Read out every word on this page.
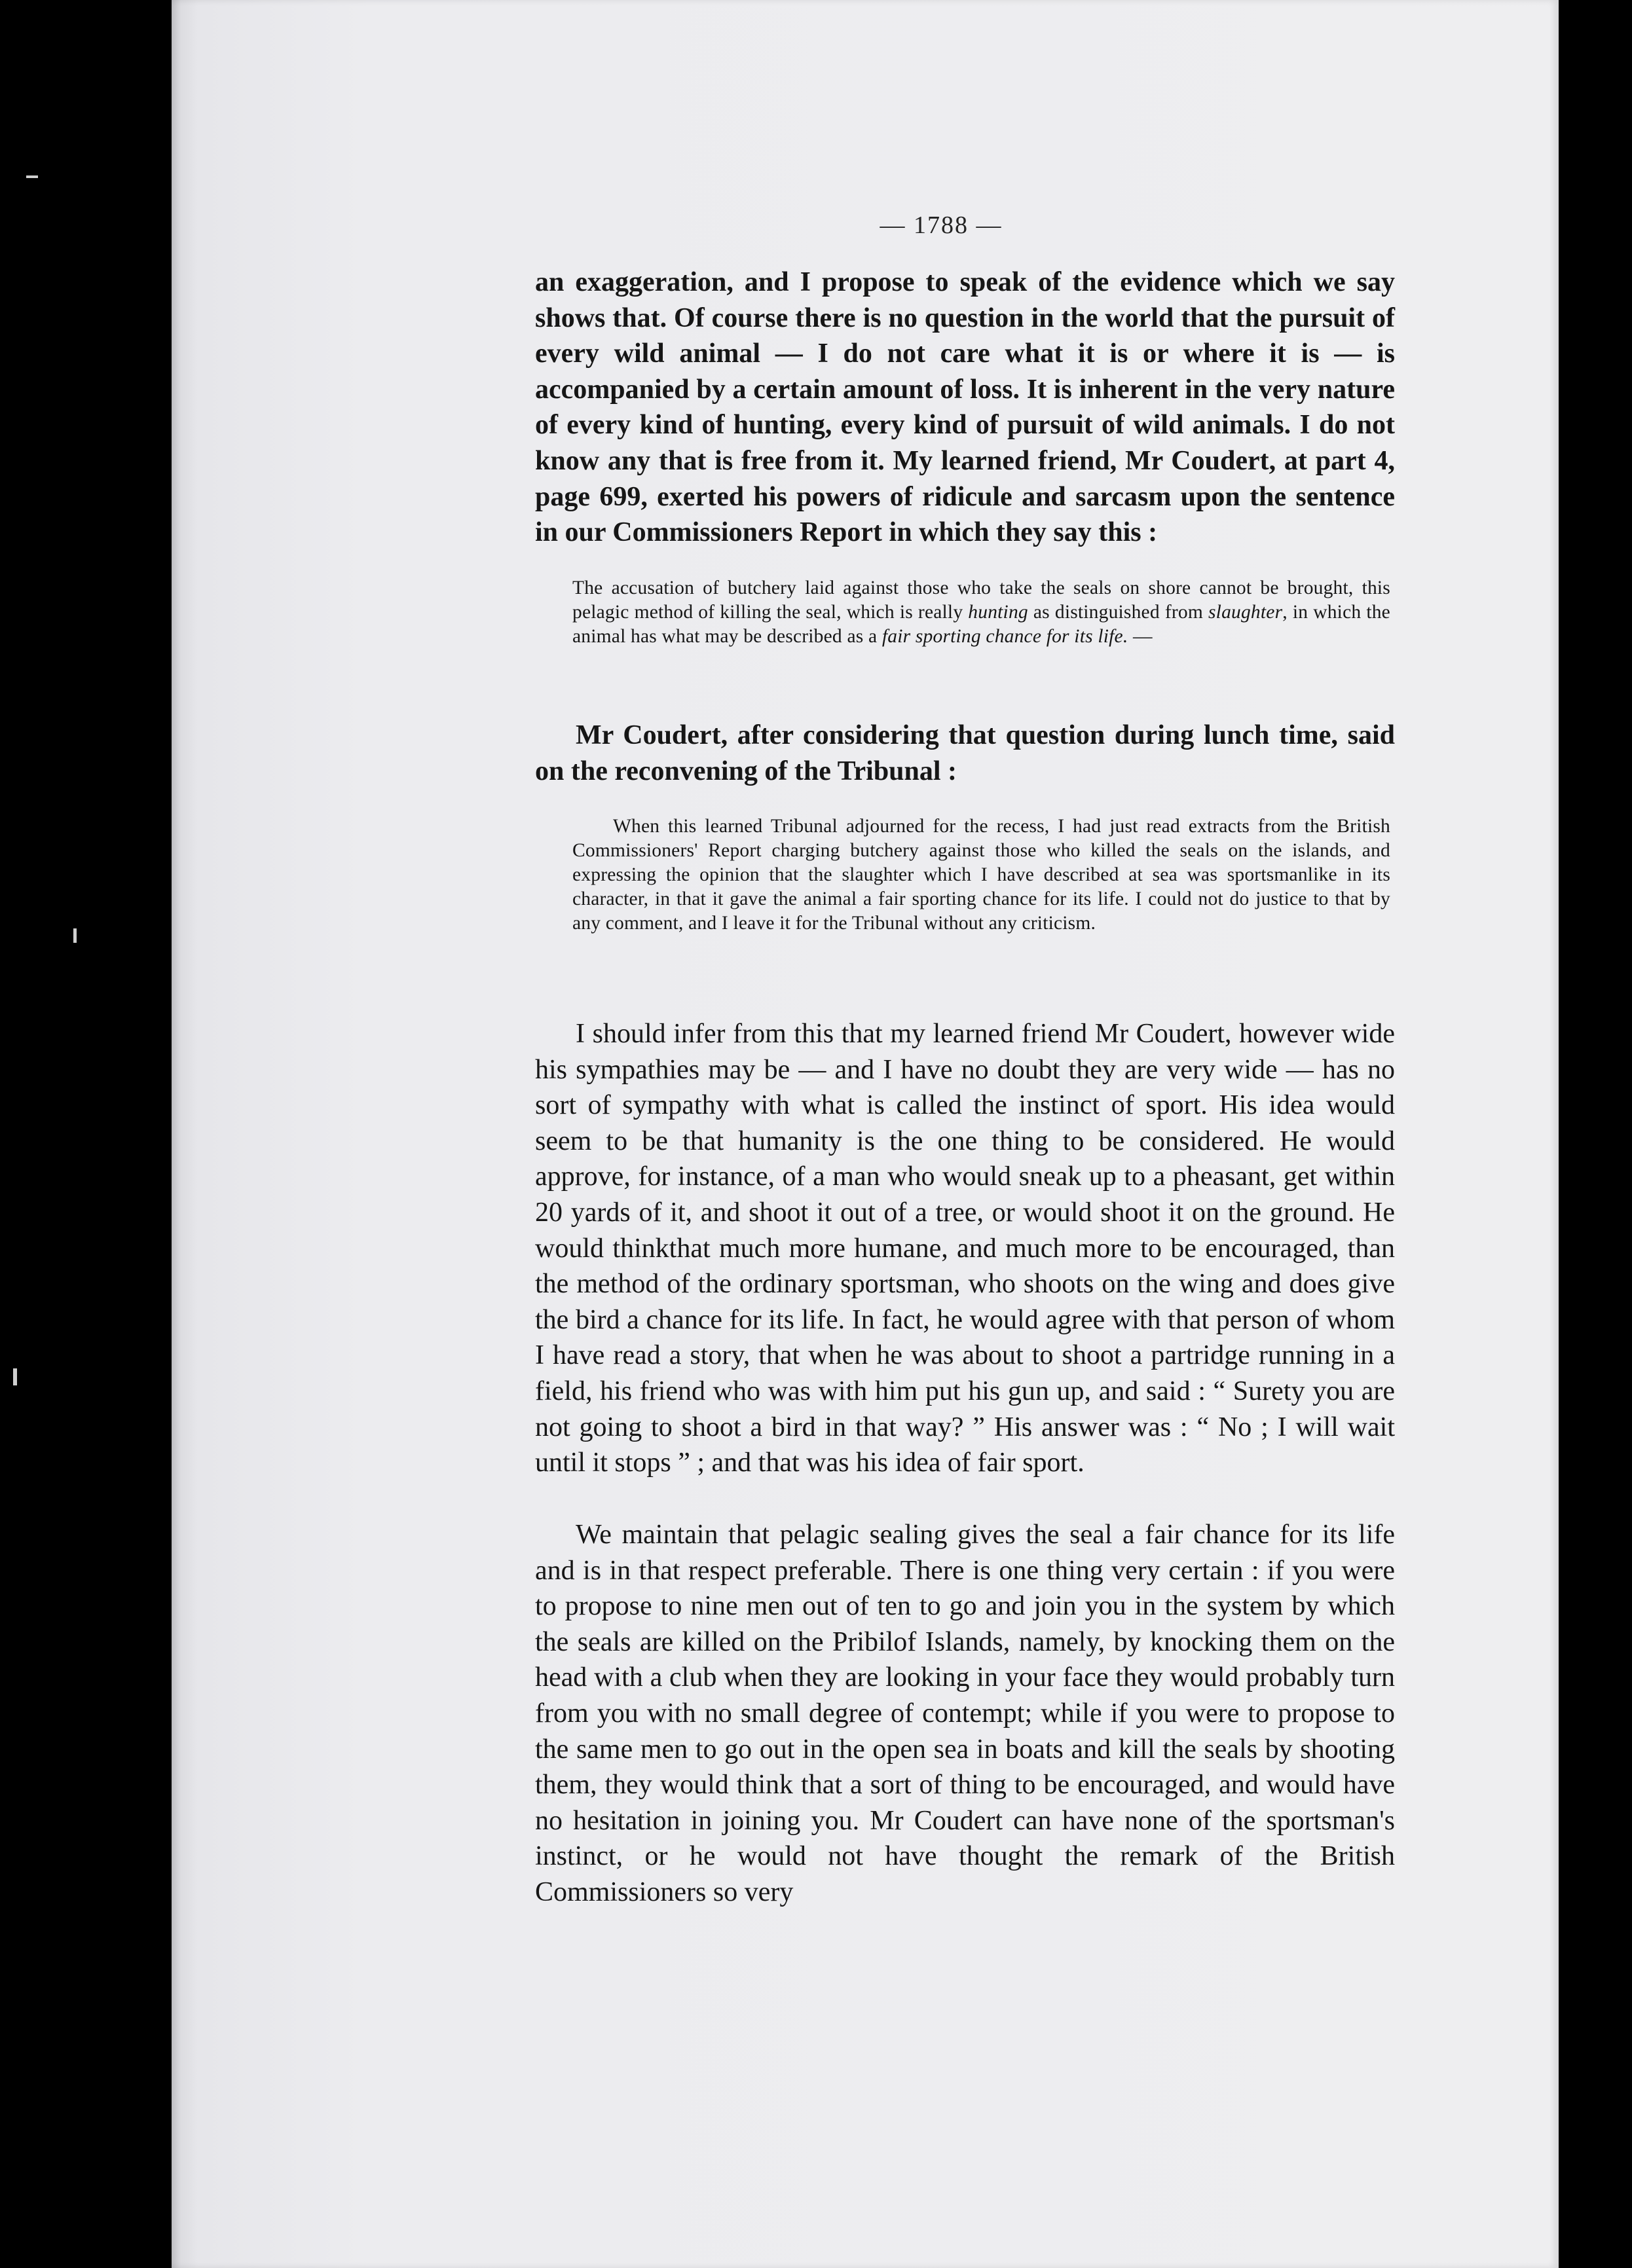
— 1788 —

an exaggeration, and I propose to speak of the evidence which we say shows that. Of course there is no question in the world that the pursuit of every wild animal — I do not care what it is or where it is — is accompanied by a certain amount of loss. It is inherent in the very nature of every kind of hunting, every kind of pursuit of wild animals. I do not know any that is free from it. My learned friend, Mr Coudert, at part 4, page 699, exerted his powers of ridicule and sarcasm upon the sentence in our Commissioners Report in which they say this :

The accusation of butchery laid against those who take the seals on shore cannot be brought, this pelagic method of killing the seal, which is really hunting as distinguished from slaughter, in which the animal has what may be described as a fair sporting chance for its life. —

Mr Coudert, after considering that question during lunch time, said on the reconvening of the Tribunal :

When this learned Tribunal adjourned for the recess, I had just read extracts from the British Commissioners' Report charging butchery against those who killed the seals on the islands, and expressing the opinion that the slaughter which I have described at sea was sportsmanlike in its character, in that it gave the animal a fair sporting chance for its life. I could not do justice to that by any comment, and I leave it for the Tribunal without any criticism.

I should infer from this that my learned friend Mr Coudert, however wide his sympathies may be — and I have no doubt they are very wide — has no sort of sympathy with what is called the instinct of sport. His idea would seem to be that humanity is the one thing to be considered. He would approve, for instance, of a man who would sneak up to a pheasant, get within 20 yards of it, and shoot it out of a tree, or would shoot it on the ground. He would thinkthat much more humane, and much more to be encouraged, than the method of the ordinary sportsman, who shoots on the wing and does give the bird a chance for its life. In fact, he would agree with that person of whom I have read a story, that when he was about to shoot a partridge running in a field, his friend who was with him put his gun up, and said : “ Surety you are not going to shoot a bird in that way? ” His answer was : “ No ; I will wait until it stops ” ; and that was his idea of fair sport.

We maintain that pelagic sealing gives the seal a fair chance for its life and is in that respect preferable. There is one thing very certain : if you were to propose to nine men out of ten to go and join you in the system by which the seals are killed on the Pribilof Islands, namely, by knocking them on the head with a club when they are looking in your face they would probably turn from you with no small degree of contempt; while if you were to propose to the same men to go out in the open sea in boats and kill the seals by shooting them, they would think that a sort of thing to be encouraged, and would have no hesitation in joining you. Mr Coudert can have none of the sportsman's instinct, or he would not have thought the remark of the British Commissioners so very
